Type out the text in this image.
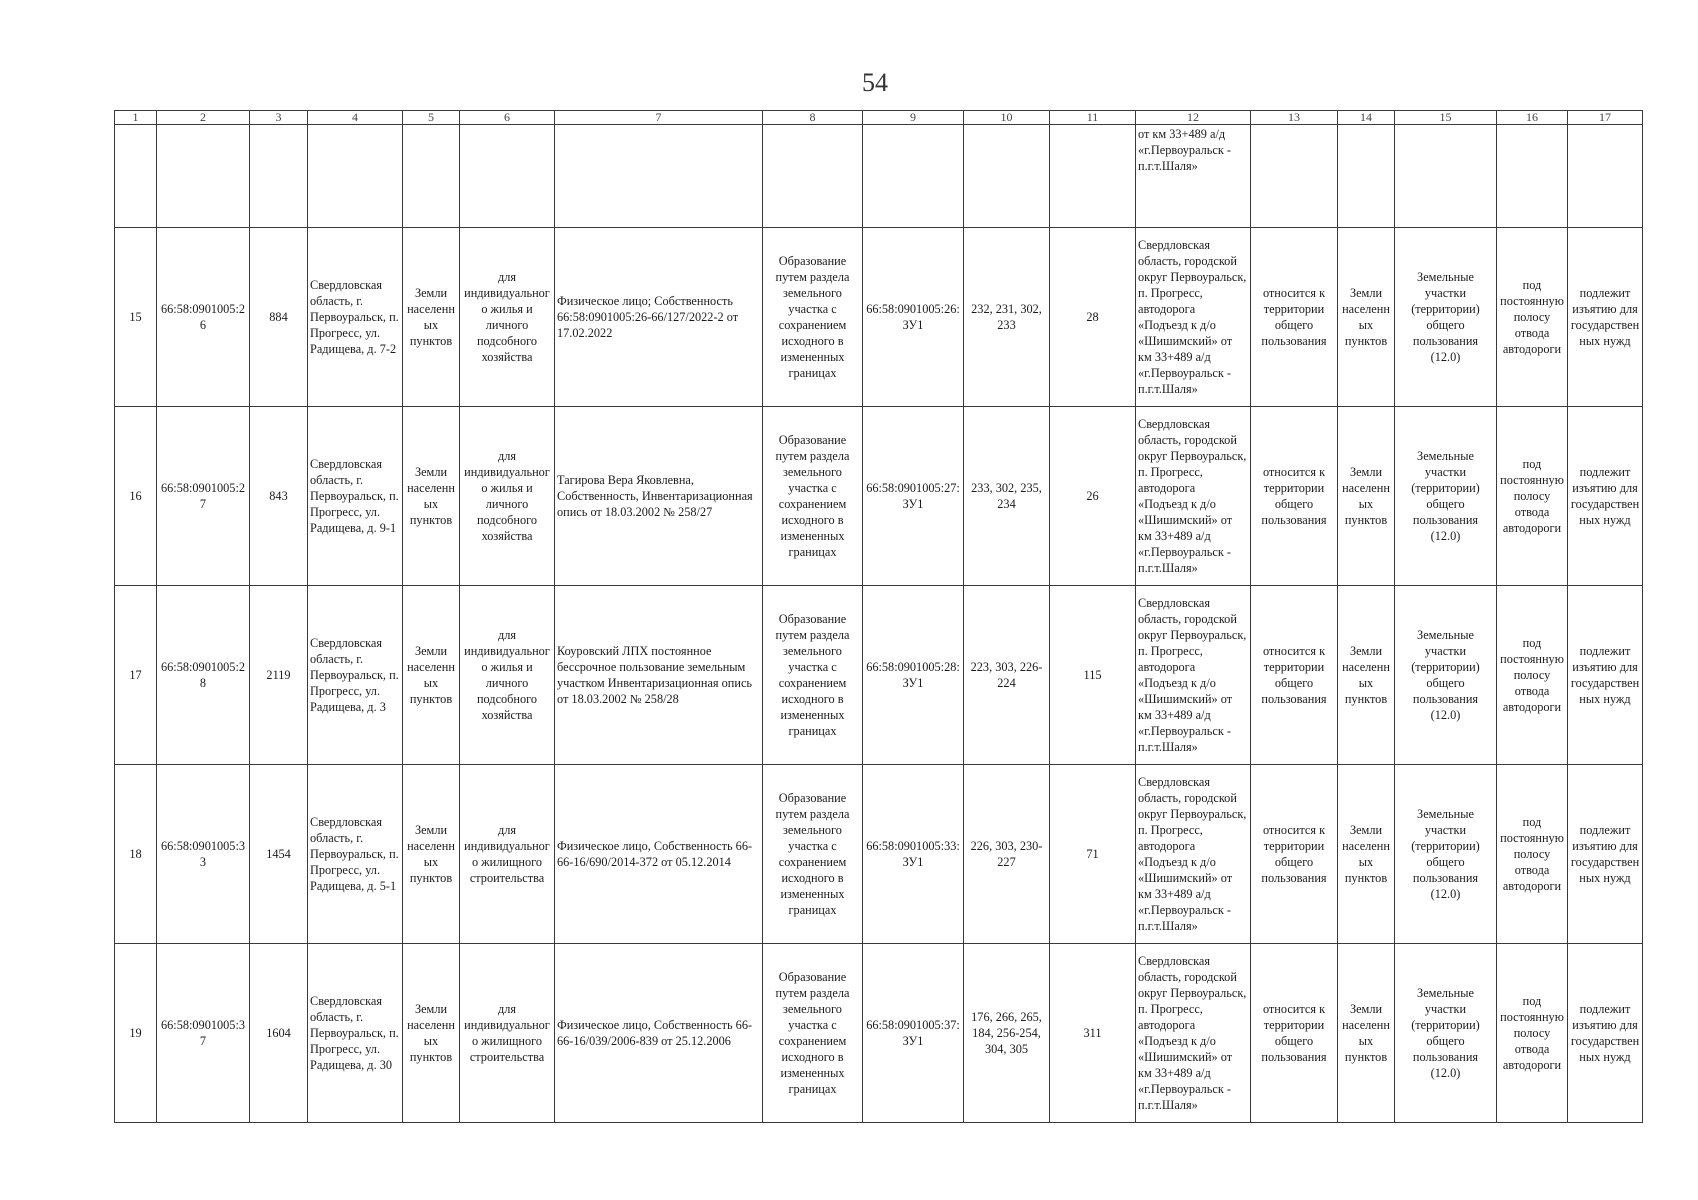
54
1	2	3	4	5	6	7	8	9	10	11	12	13	14	15	16	17
											от км 33+489 а/д «г.Первоуральск - п.г.т.Шаля»					
15	66:58:0901005:26	884	Свердловская область, г. Первоуральск, п. Прогресс, ул. Радищева, д. 7-2	Земли населенных пунктов	для индивидуального жилья и личного подсобного хозяйства	Физическое лицо; Собственность 66:58:0901005:26-66/127/2022-2 от 17.02.2022	Образование путем раздела земельного участка с сохранением исходного в измененных границах	66:58:0901005:26:ЗУ1	232, 231, 302, 233	28	Свердловская область, городской округ Первоуральск, п. Прогресс, автодорога «Подъезд к д/о «Шишимский» от км 33+489 а/д «г.Первоуральск - п.г.т.Шаля»	относится к территории общего пользования	Земли населенных пунктов	Земельные участки (территории) общего пользования (12.0)	под постоянную полосу отвода автодороги	подлежит изъятию для государственных нужд
16	66:58:0901005:27	843	Свердловская область, г. Первоуральск, п. Прогресс, ул. Радищева, д. 9-1	Земли населенных пунктов	для индивидуального жилья и личного подсобного хозяйства	Тагирова Вера Яковлевна, Собственность, Инвентаризационная опись от 18.03.2002 № 258/27	Образование путем раздела земельного участка с сохранением исходного в измененных границах	66:58:0901005:27:ЗУ1	233, 302, 235, 234	26	Свердловская область, городской округ Первоуральск, п. Прогресс, автодорога «Подъезд к д/о «Шишимский» от км 33+489 а/д «г.Первоуральск - п.г.т.Шаля»	относится к территории общего пользования	Земли населенных пунктов	Земельные участки (территории) общего пользования (12.0)	под постоянную полосу отвода автодороги	подлежит изъятию для государственных нужд
17	66:58:0901005:28	2119	Свердловская область, г. Первоуральск, п. Прогресс, ул. Радищева, д. 3	Земли населенных пунктов	для индивидуального жилья и личного подсобного хозяйства	Коуровский ЛПХ постоянное бессрочное пользование земельным участком Инвентаризационная опись от 18.03.2002 № 258/28	Образование путем раздела земельного участка с сохранением исходного в измененных границах	66:58:0901005:28:ЗУ1	223, 303, 226-224	115	Свердловская область, городской округ Первоуральск, п. Прогресс, автодорога «Подъезд к д/о «Шишимский» от км 33+489 а/д «г.Первоуральск - п.г.т.Шаля»	относится к территории общего пользования	Земли населенных пунктов	Земельные участки (территории) общего пользования (12.0)	под постоянную полосу отвода автодороги	подлежит изъятию для государственных нужд
18	66:58:0901005:33	1454	Свердловская область, г. Первоуральск, п. Прогресс, ул. Радищева, д. 5-1	Земли населенных пунктов	для индивидуального жилищного строительства	Физическое лицо, Собственность 66-66-16/690/2014-372 от 05.12.2014	Образование путем раздела земельного участка с сохранением исходного в измененных границах	66:58:0901005:33:ЗУ1	226, 303, 230-227	71	Свердловская область, городской округ Первоуральск, п. Прогресс, автодорога «Подъезд к д/о «Шишимский» от км 33+489 а/д «г.Первоуральск - п.г.т.Шаля»	относится к территории общего пользования	Земли населенных пунктов	Земельные участки (территории) общего пользования (12.0)	под постоянную полосу отвода автодороги	подлежит изъятию для государственных нужд
19	66:58:0901005:37	1604	Свердловская область, г. Первоуральск, п. Прогресс, ул. Радищева, д. 30	Земли населенных пунктов	для индивидуального жилищного строительства	Физическое лицо, Собственность 66-66-16/039/2006-839 от 25.12.2006	Образование путем раздела земельного участка с сохранением исходного в измененных границах	66:58:0901005:37:ЗУ1	176, 266, 265, 184, 256-254, 304, 305	311	Свердловская область, городской округ Первоуральск, п. Прогресс, автодорога «Подъезд к д/о «Шишимский» от км 33+489 а/д «г.Первоуральск - п.г.т.Шаля»	относится к территории общего пользования	Земли населенных пунктов	Земельные участки (территории) общего пользования (12.0)	под постоянную полосу отвода автодороги	подлежит изъятию для государственных нужд
